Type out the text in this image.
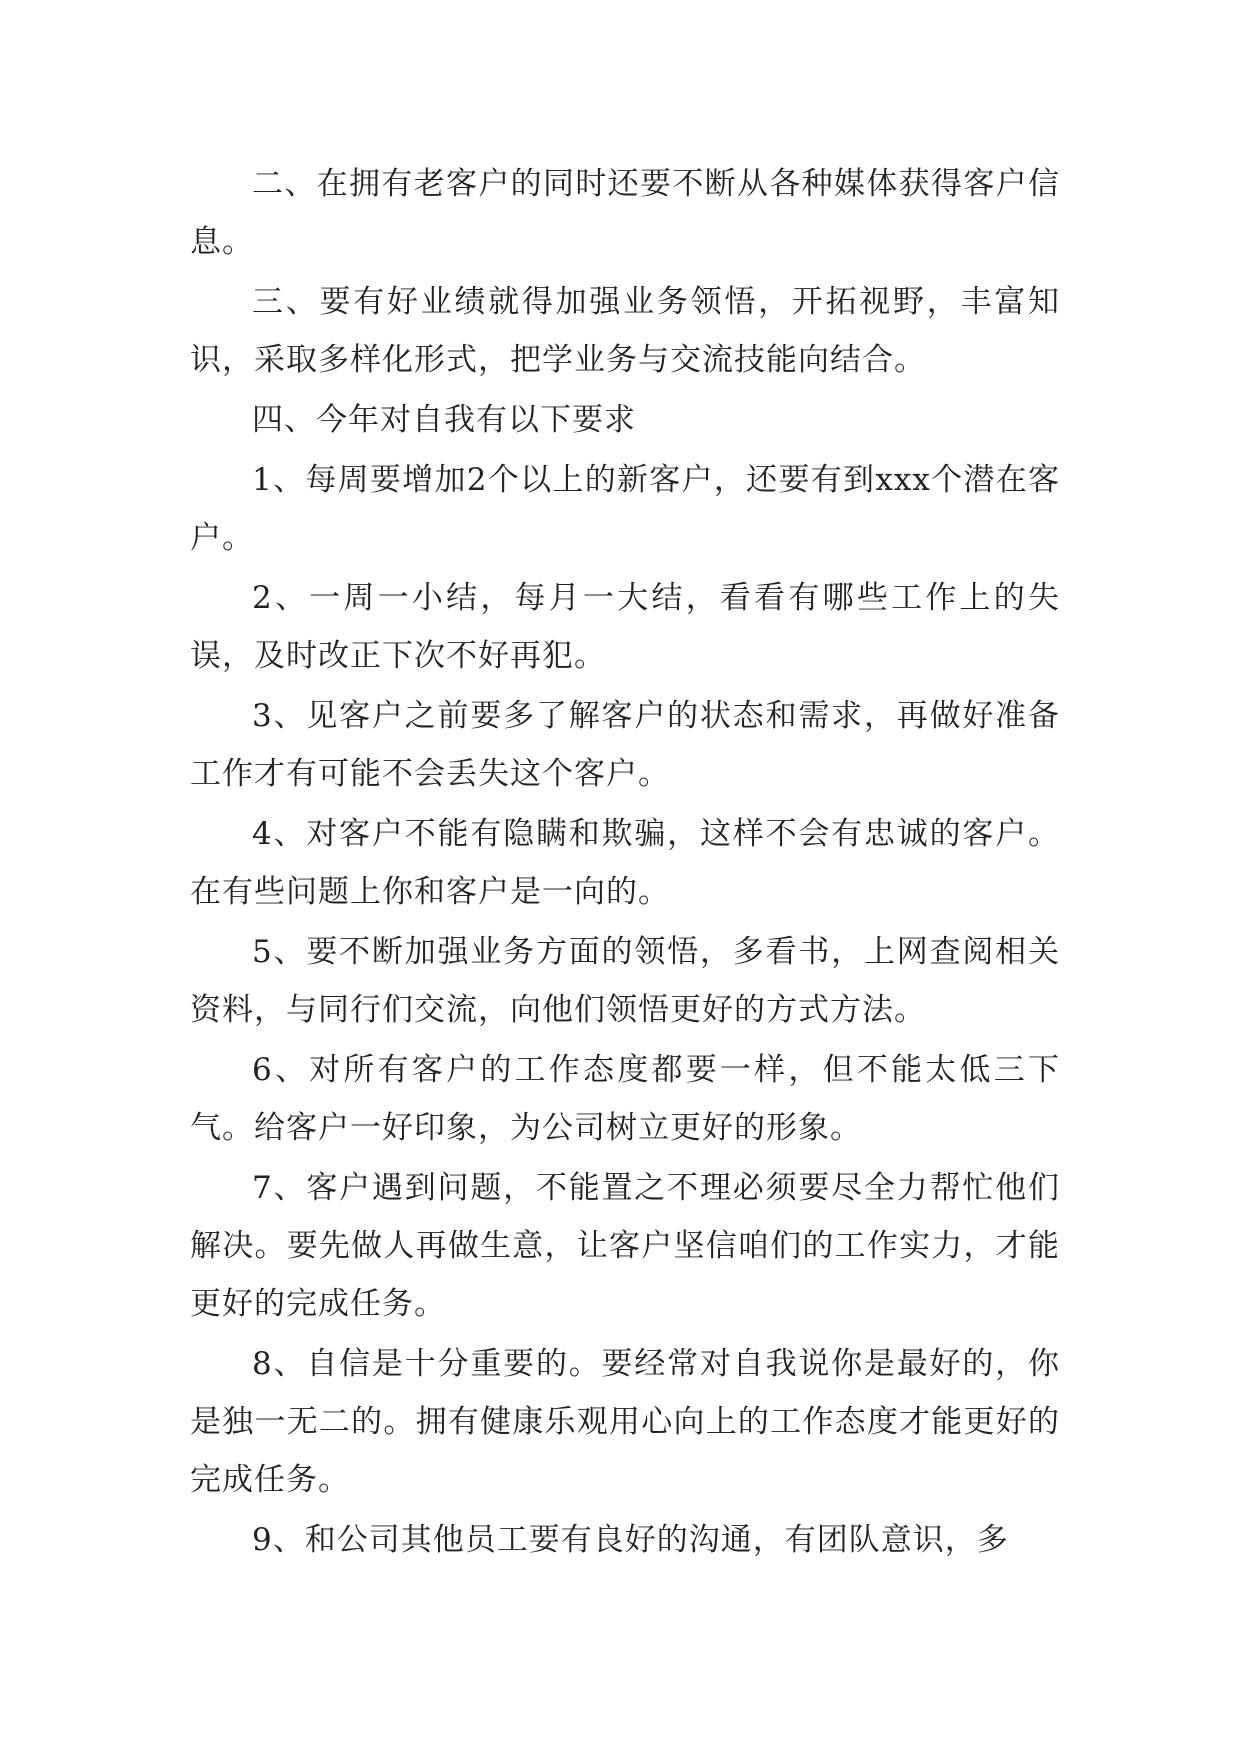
二、在拥有老客户的同时还要不断从各种媒体获得客户信息。

三、要有好业绩就得加强业务领悟，开拓视野，丰富知识，采取多样化形式，把学业务与交流技能向结合。

四、今年对自我有以下要求

1、每周要增加2个以上的新客户，还要有到xxx个潜在客户。

2、一周一小结，每月一大结，看看有哪些工作上的失误，及时改正下次不好再犯。

3、见客户之前要多了解客户的状态和需求，再做好准备工作才有可能不会丢失这个客户。

4、对客户不能有隐瞒和欺骗，这样不会有忠诚的客户。在有些问题上你和客户是一向的。

5、要不断加强业务方面的领悟，多看书，上网查阅相关资料，与同行们交流，向他们领悟更好的方式方法。

6、对所有客户的工作态度都要一样，但不能太低三下气。给客户一好印象，为公司树立更好的形象。

7、客户遇到问题，不能置之不理必须要尽全力帮忙他们解决。要先做人再做生意，让客户坚信咱们的工作实力，才能更好的完成任务。

8、自信是十分重要的。要经常对自我说你是最好的，你是独一无二的。拥有健康乐观用心向上的工作态度才能更好的完成任务。

9、和公司其他员工要有良好的沟通，有团队意识，多
